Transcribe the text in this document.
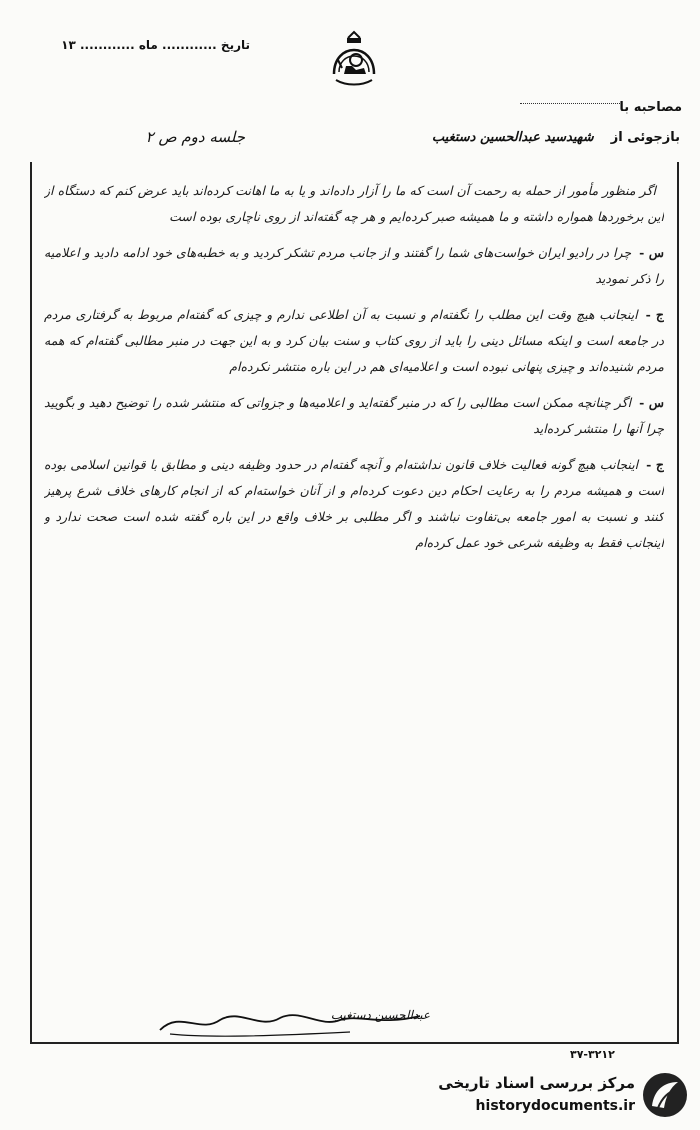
تاریخ ............ ماه ............ ۱۳
مصاحبه با
جلسه دوم ص ۲	بازجوئی از  شهیدسید عبدالحسین دستغیب

اگر منظور مأمور از حمله به رحمت آن است که ما را آزار داده‌اند و یا به ما اهانت کرده‌اند باید عرض کنم که دستگاه از این برخوردها همواره داشته و ما همیشه صبر کرده‌ایم و هر چه گفته‌اند از روی ناچاری بوده است

س -چرا در رادیو ایران خواست‌های شما را گفتند و از جانب مردم تشکر کردید و به خطبه‌های خود ادامه دادید و اعلامیه را ذکر نمودید

ج -اینجانب هیچ وقت این مطلب را نگفته‌ام و نسبت به آن اطلاعی ندارم و چیزی که گفته‌ام مربوط به گرفتاری مردم در جامعه است و اینکه مسائل دینی را باید از روی کتاب و سنت بیان کرد و به این جهت در منبر مطالبی گفته‌ام که همه مردم شنیده‌اند و چیزی پنهانی نبوده است و اعلامیه‌ای هم در این باره منتشر نکرده‌ام

س -اگر چنانچه ممکن است مطالبی را که در منبر گفته‌اید و اعلامیه‌ها و جزواتی که منتشر شده را توضیح دهید و بگویید چرا آنها را منتشر کرده‌اید

ج -اینجانب هیچ گونه فعالیت خلاف قانون نداشته‌ام و آنچه گفته‌ام در حدود وظیفه دینی و مطابق با قوانین اسلامی بوده است و همیشه مردم را به رعایت احکام دین دعوت کرده‌ام و از آنان خواسته‌ام که از انجام کارهای خلاف شرع پرهیز کنند و نسبت به امور جامعه بی‌تفاوت نباشند و اگر مطلبی بر خلاف واقع در این باره گفته شده است صحت ندارد و اینجانب فقط به وظیفه شرعی خود عمل کرده‌ام

عبدالحسین دستغیب
۳۷-۳۲۱۲
مرکز بررسی اسناد تاریخی
historydocuments.ir
